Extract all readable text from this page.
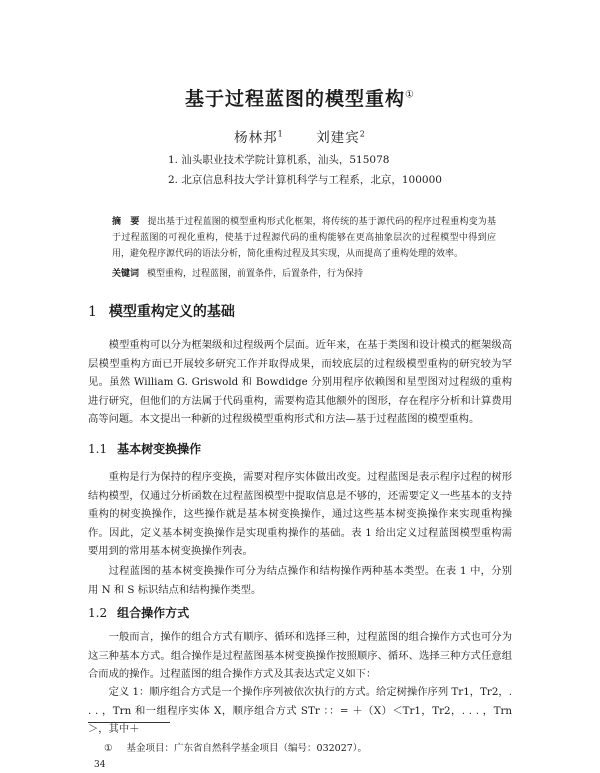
基于过程蓝图的模型重构①
杨林邦$^1$ 刘建宾$^2$
1. 汕头职业技术学院计算机系，汕头，515078
2. 北京信息科技大学计算机科学与工程系，北京，100000
摘　要 提出基于过程蓝图的模型重构形式化框架，将传统的基于源代码的程序过程重构变为基于过程蓝图的可视化重构，使基于过程源代码的重构能够在更高抽象层次的过程模型中得到应用，避免程序源代码的语法分析，简化重构过程及其实现，从而提高了重构处理的效率。
关键词 模型重构，过程蓝图，前置条件，后置条件，行为保持
1 模型重构定义的基础
模型重构可以分为框架级和过程级两个层面。近年来，在基于类图和设计模式的框架级高层模型重构方面已开展较多研究工作并取得成果，而较底层的过程级模型重构的研究较为罕见。虽然 William G. Griswold 和 Bowdidge 分别用程序依赖图和星型图对过程级的重构进行研究，但他们的方法属于代码重构，需要构造其他额外的图形，存在程序分析和计算费用高等问题。本文提出一种新的过程级模型重构形式和方法—基于过程蓝图的模型重构。
1.1 基本树变换操作
重构是行为保持的程序变换，需要对程序实体做出改变。过程蓝图是表示程序过程的树形结构模型，仅通过分析函数在过程蓝图模型中提取信息是不够的，还需要定义一些基本的支持重构的树变换操作，这些操作就是基本树变换操作，通过这些基本树变换操作来实现重构操作。因此，定义基本树变换操作是实现重构操作的基础。表 1 给出定义过程蓝图模型重构需要用到的常用基本树变换操作列表。
过程蓝图的基本树变换操作可分为结点操作和结构操作两种基本类型。在表 1 中，分别用 N 和 S 标识结点和结构操作类型。
1.2 组合操作方式
一般而言，操作的组合方式有顺序、循环和选择三种，过程蓝图的组合操作方式也可分为这三种基本方式。组合操作是过程蓝图基本树变换操作按照顺序、循环、选择三种方式任意组合而成的操作。过程蓝图的组合操作方式及其表达式定义如下：
定义 1：顺序组合方式是一个操作序列被依次执行的方式。给定树操作序列 Tr1，Tr2，. . . ，Trn 和一组程序实体 X，顺序组合方式 STr ：：= ＋（X）＜Tr1，Tr2，. . . ，Trn＞，其中＋
① 基金项目：广东省自然科学基金项目（编号：032027）。
34
